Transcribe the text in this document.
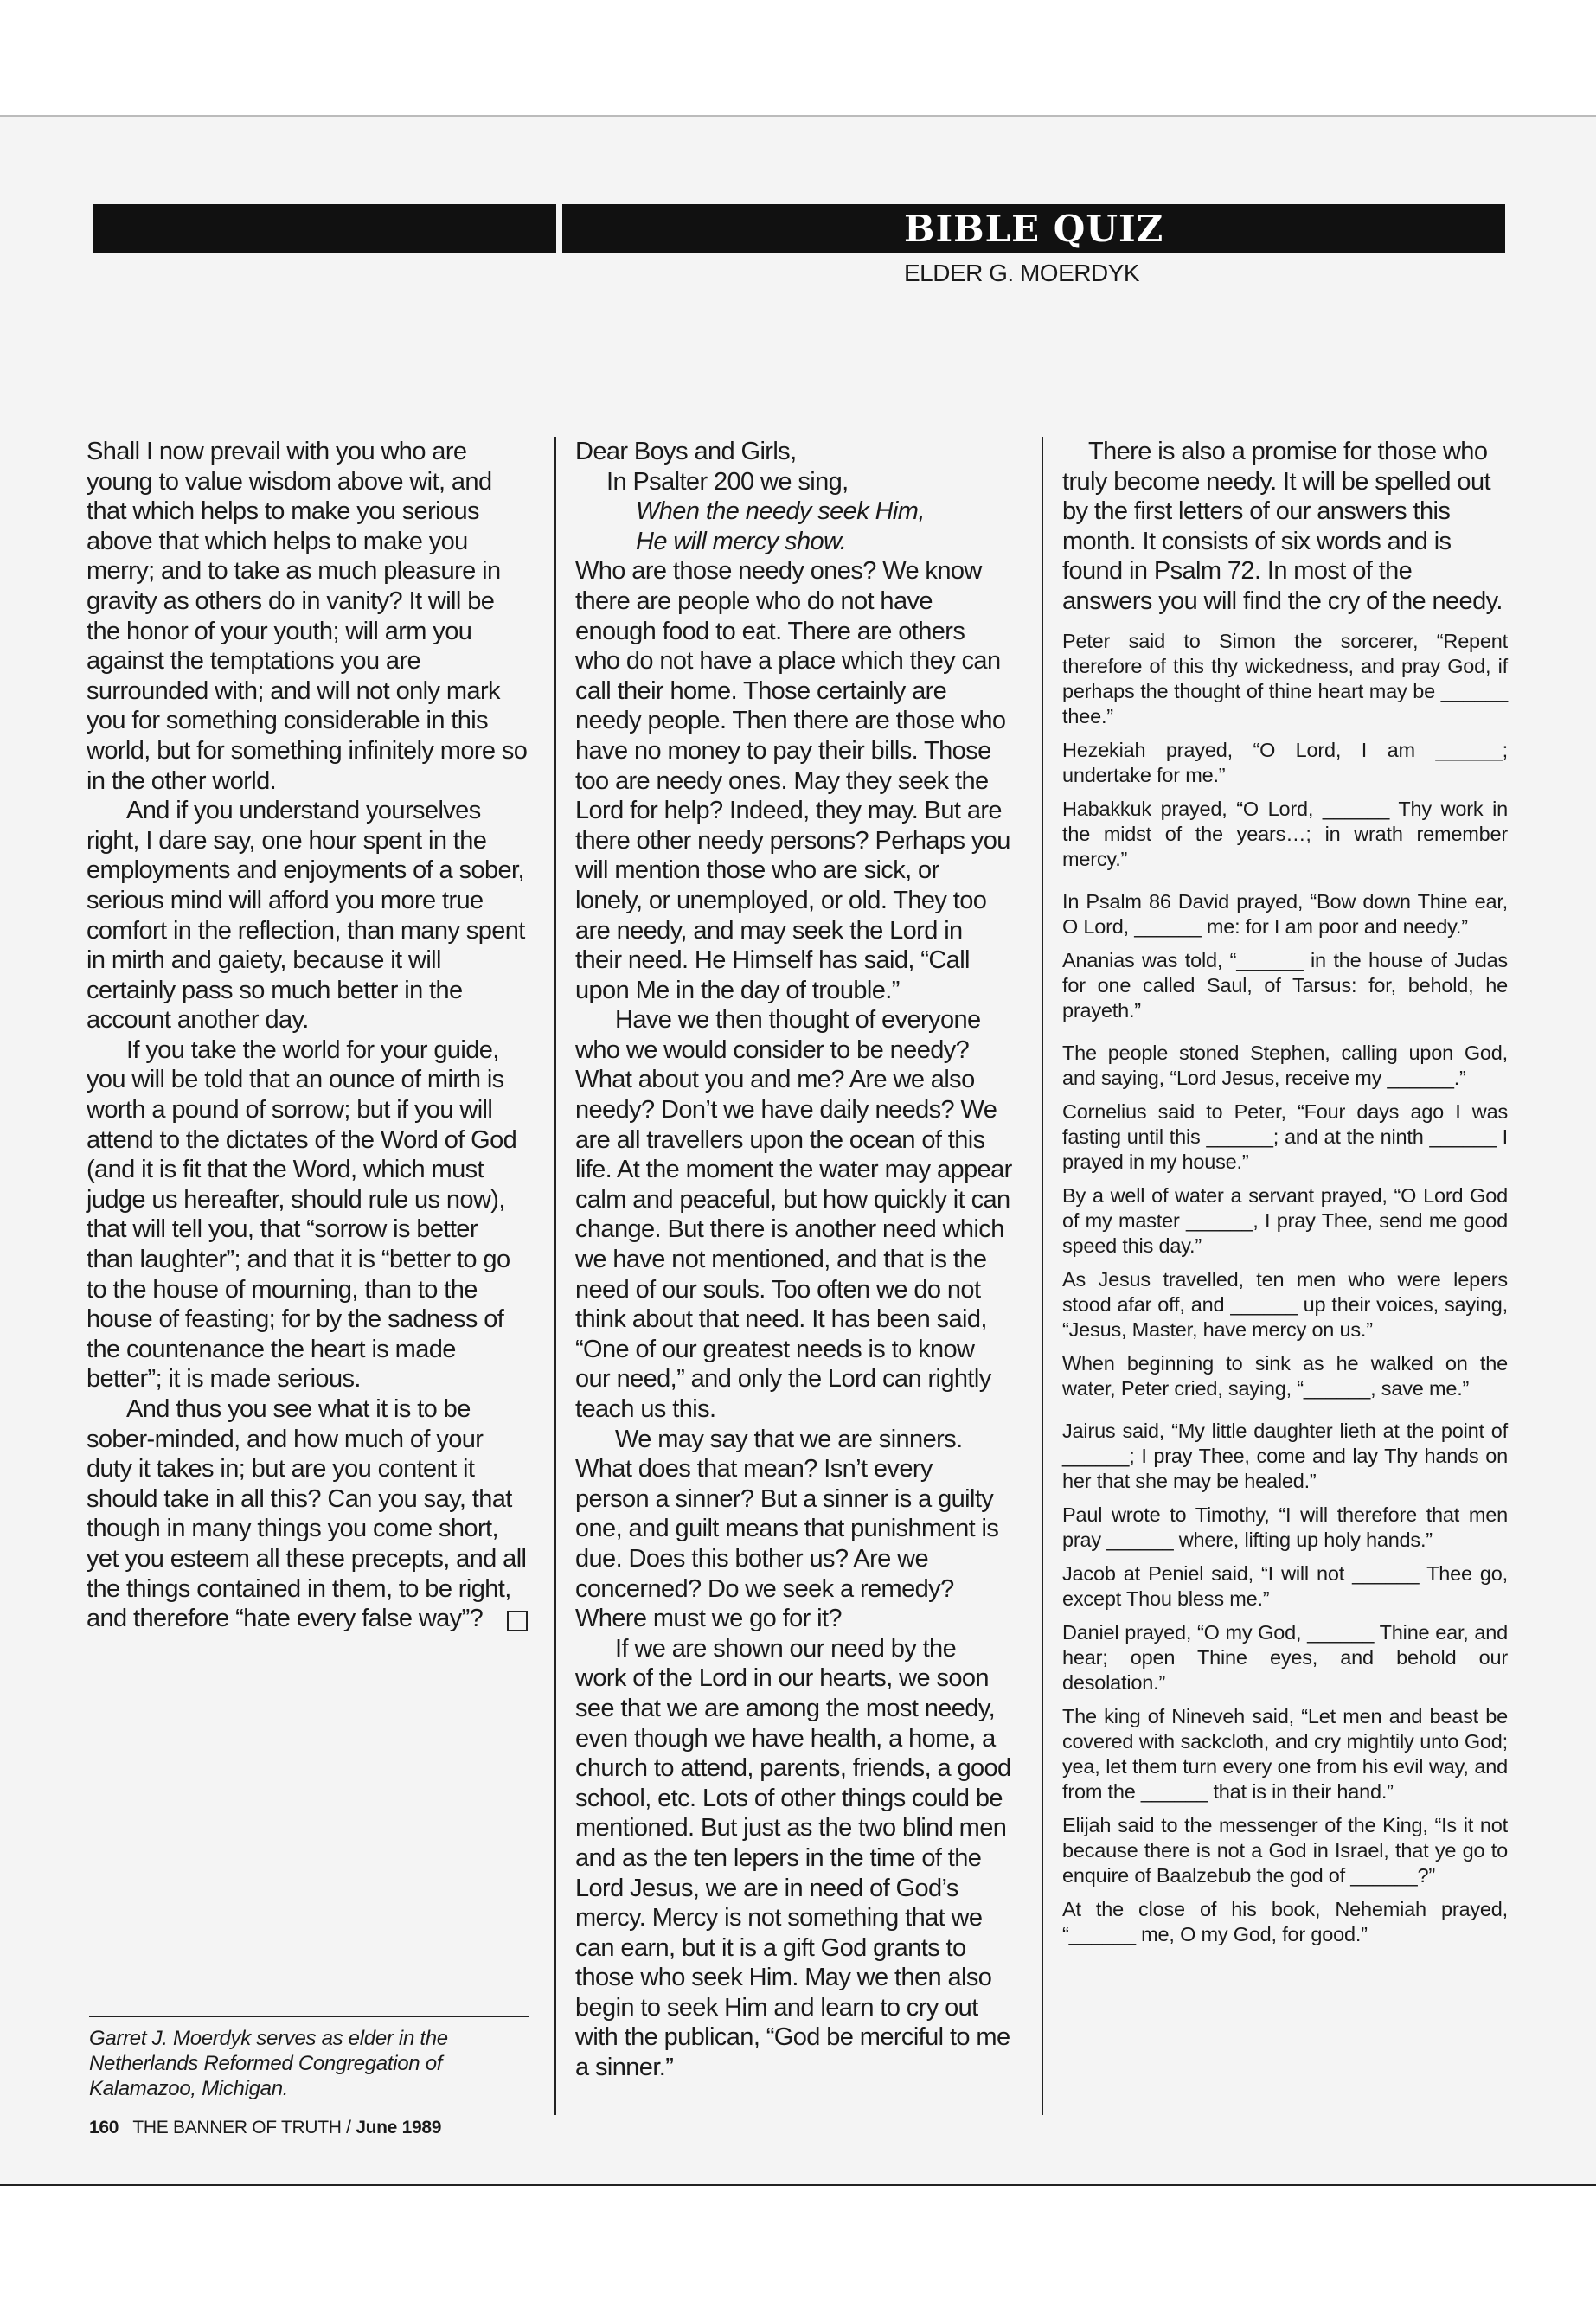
BIBLE QUIZ
ELDER G. MOERDYK

Shall I now prevail with you who are young to value wisdom above wit, and that which helps to make you serious above that which helps to make you merry; and to take as much pleasure in gravity as others do in vanity? It will be the honor of your youth; will arm you against the temptations you are surrounded with; and will not only mark you for something considerable in this world, but for something infinitely more so in the other world.

And if you understand yourselves right, I dare say, one hour spent in the employments and enjoyments of a sober, serious mind will afford you more true comfort in the reflection, than many spent in mirth and gaiety, because it will certainly pass so much better in the account another day.

If you take the world for your guide, you will be told that an ounce of mirth is worth a pound of sorrow; but if you will attend to the dictates of the Word of God (and it is fit that the Word, which must judge us hereafter, should rule us now), that will tell you, that “sorrow is better than laughter”; and that it is “better to go to the house of mourning, than to the house of feasting; for by the sadness of the countenance the heart is made better”; it is made serious.

And thus you see what it is to be sober-minded, and how much of your duty it takes in; but are you content it should take in all this? Can you say, that though in many things you come short, yet you esteem all these precepts, and all the things contained in them, to be right, and therefore “hate every false way”?

Dear Boys and Girls,

In Psalter 200 we sing,

When the needy seek Him,

He will mercy show.

Who are those needy ones? We know there are people who do not have enough food to eat. There are others who do not have a place which they can call their home. Those certainly are needy people. Then there are those who have no money to pay their bills. Those too are needy ones. May they seek the Lord for help? Indeed, they may. But are there other needy persons? Perhaps you will mention those who are sick, or lonely, or unemployed, or old. They too are needy, and may seek the Lord in their need. He Himself has said, “Call upon Me in the day of trouble.”

Have we then thought of everyone who we would consider to be needy? What about you and me? Are we also needy? Don’t we have daily needs? We are all travellers upon the ocean of this life. At the moment the water may appear calm and peaceful, but how quickly it can change. But there is another need which we have not mentioned, and that is the need of our souls. Too often we do not think about that need. It has been said, “One of our greatest needs is to know our need,” and only the Lord can rightly teach us this.

We may say that we are sinners. What does that mean? Isn’t every person a sinner? But a sinner is a guilty one, and guilt means that punishment is due. Does this bother us? Are we concerned? Do we seek a remedy? Where must we go for it?

If we are shown our need by the work of the Lord in our hearts, we soon see that we are among the most needy, even though we have health, a home, a church to attend, parents, friends, a good school, etc. Lots of other things could be mentioned. But just as the two blind men and as the ten lepers in the time of the Lord Jesus, we are in need of God’s mercy. Mercy is not something that we can earn, but it is a gift God grants to those who seek Him. May we then also begin to seek Him and learn to cry out with the publican, “God be merciful to me a sinner.”

There is also a promise for those who truly become needy. It will be spelled out by the first letters of our answers this month. It consists of six words and is found in Psalm 72. In most of the answers you will find the cry of the needy.

Peter said to Simon the sorcerer, “Repent therefore of this thy wickedness, and pray God, if perhaps the thought of thine heart may be ______ thee.”

Hezekiah prayed, “O Lord, I am ______; undertake for me.”

Habakkuk prayed, “O Lord, ______ Thy work in the midst of the years…; in wrath remember mercy.”

In Psalm 86 David prayed, “Bow down Thine ear, O Lord, ______ me: for I am poor and needy.”

Ananias was told, “______ in the house of Judas for one called Saul, of Tarsus: for, behold, he prayeth.”

The people stoned Stephen, calling upon God, and saying, “Lord Jesus, receive my ______.”

Cornelius said to Peter, “Four days ago I was fasting until this ______; and at the ninth ______ I prayed in my house.”

By a well of water a servant prayed, “O Lord God of my master ______, I pray Thee, send me good speed this day.”

As Jesus travelled, ten men who were lepers stood afar off, and ______ up their voices, saying, “Jesus, Master, have mercy on us.”

When beginning to sink as he walked on the water, Peter cried, saying, “______, save me.”

Jairus said, “My little daughter lieth at the point of ______; I pray Thee, come and lay Thy hands on her that she may be healed.”

Paul wrote to Timothy, “I will therefore that men pray ______ where, lifting up holy hands.”

Jacob at Peniel said, “I will not ______ Thee go, except Thou bless me.”

Daniel prayed, “O my God, ______ Thine ear, and hear; open Thine eyes, and behold our desolation.”

The king of Nineveh said, “Let men and beast be covered with sackcloth, and cry mightily unto God; yea, let them turn every one from his evil way, and from the ______ that is in their hand.”

Elijah said to the messenger of the King, “Is it not because there is not a God in Israel, that ye go to enquire of Baalzebub the god of ______?”

At the close of his book, Nehemiah prayed, “______ me, O my God, for good.”

Garret J. Moerdyk serves as elder in the Netherlands Reformed Congregation of Kalamazoo, Michigan.
160 THE BANNER OF TRUTH / June 1989
